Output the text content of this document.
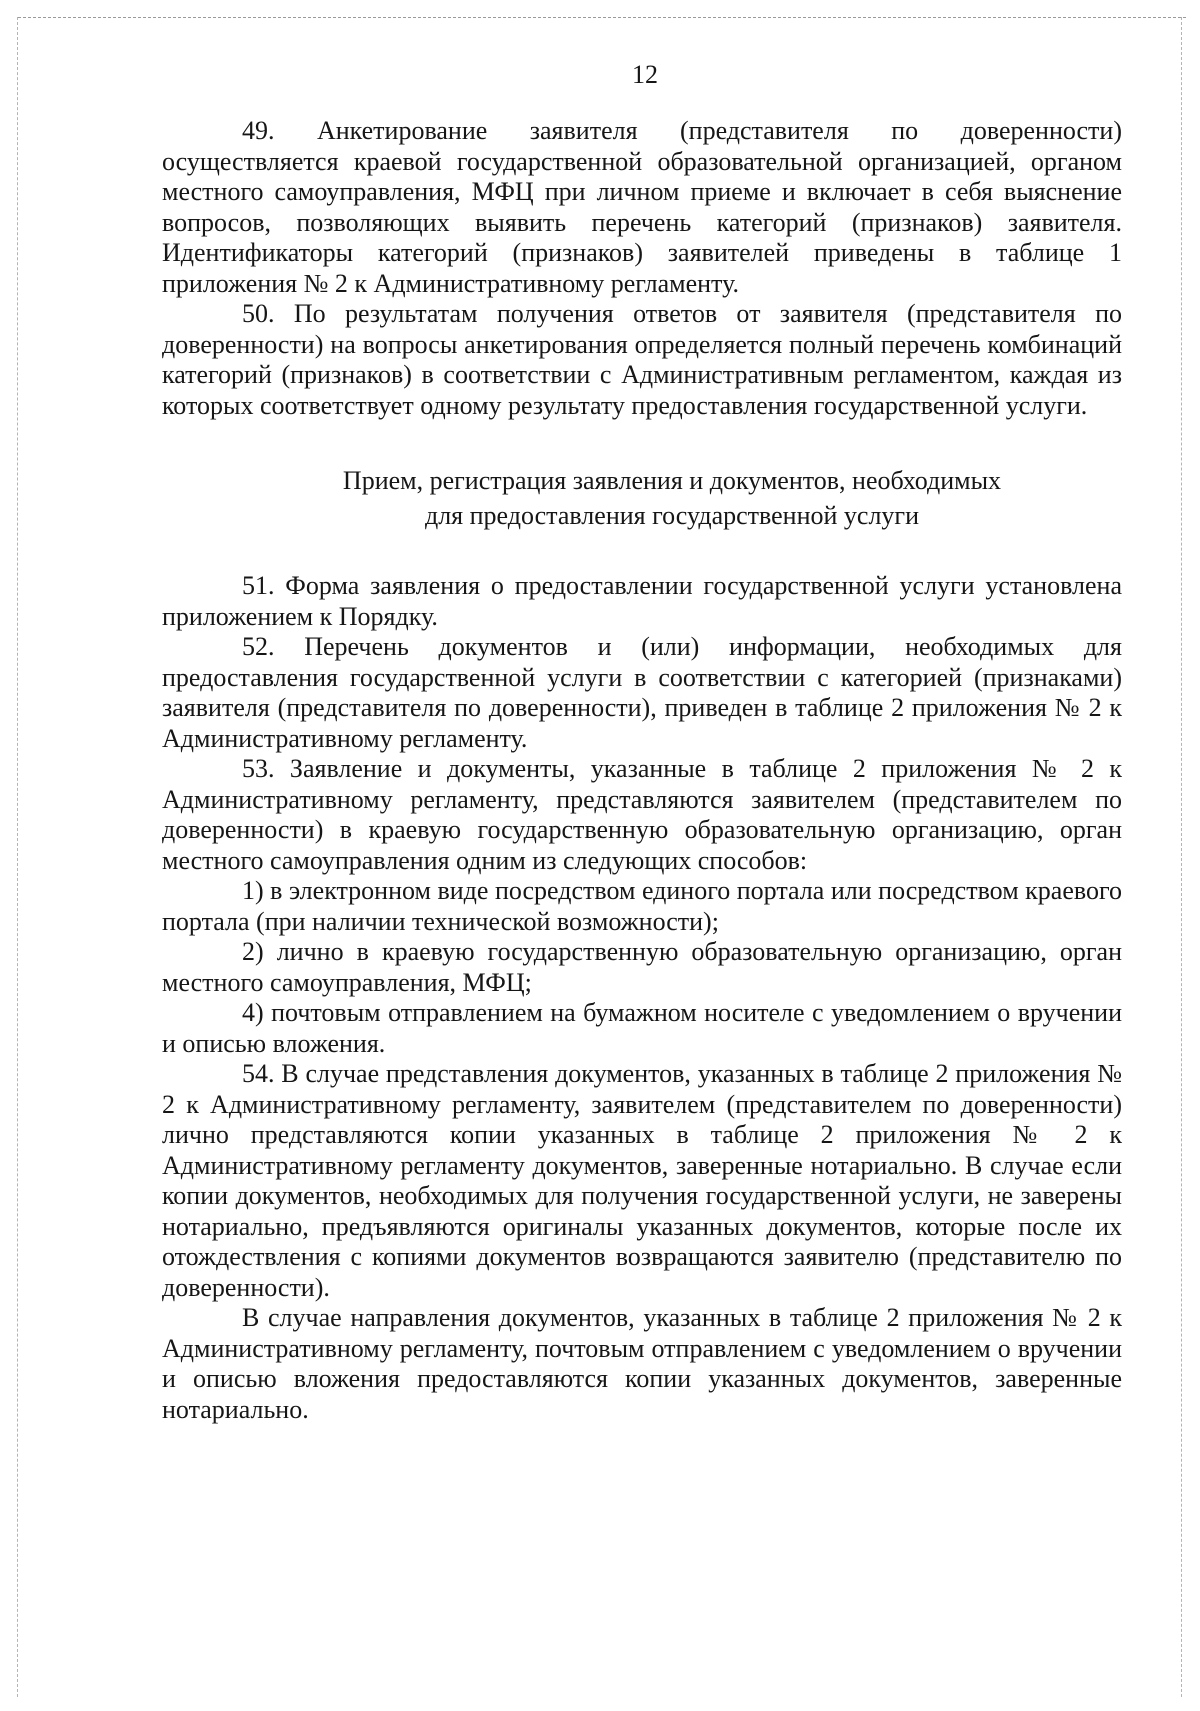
12

49. Анкетирование заявителя (представителя по доверенности) осуществляется краевой государственной образовательной организацией, органом местного самоуправления, МФЦ при личном приеме и включает в себя выяснение вопросов, позволяющих выявить перечень категорий (признаков) заявителя. Идентификаторы категорий (признаков) заявителей приведены в таблице 1 приложения № 2 к Административному регламенту.

50. По результатам получения ответов от заявителя (представителя по доверенности) на вопросы анкетирования определяется полный перечень комбинаций категорий (признаков) в соответствии с Административным регламентом, каждая из которых соответствует одному результату предоставления государственной услуги.

Прием, регистрация заявления и документов, необходимых
для предоставления государственной услуги

51. Форма заявления о предоставлении государственной услуги установлена приложением к Порядку.

52. Перечень документов и (или) информации, необходимых для предоставления государственной услуги в соответствии с категорией (признаками) заявителя (представителя по доверенности), приведен в таблице 2 приложения № 2 к Административному регламенту.

53. Заявление и документы, указанные в таблице 2 приложения № 2 к Административному регламенту, представляются заявителем (представителем по доверенности) в краевую государственную образовательную организацию, орган местного самоуправления одним из следующих способов:

1) в электронном виде посредством единого портала или посредством краевого портала (при наличии технической возможности);

2) лично в краевую государственную образовательную организацию, орган местного самоуправления, МФЦ;

4) почтовым отправлением на бумажном носителе с уведомлением о вручении и описью вложения.

54. В случае представления документов, указанных в таблице 2 приложения № 2 к Административному регламенту, заявителем (представителем по доверенности) лично представляются копии указанных в таблице 2 приложения № 2 к Административному регламенту документов, заверенные нотариально. В случае если копии документов, необходимых для получения государственной услуги, не заверены нотариально, предъявляются оригиналы указанных документов, которые после их отождествления с копиями документов возвращаются заявителю (представителю по доверенности).

В случае направления документов, указанных в таблице 2 приложения № 2 к Административному регламенту, почтовым отправлением с уведомлением о вручении и описью вложения предоставляются копии указанных документов, заверенные нотариально.
